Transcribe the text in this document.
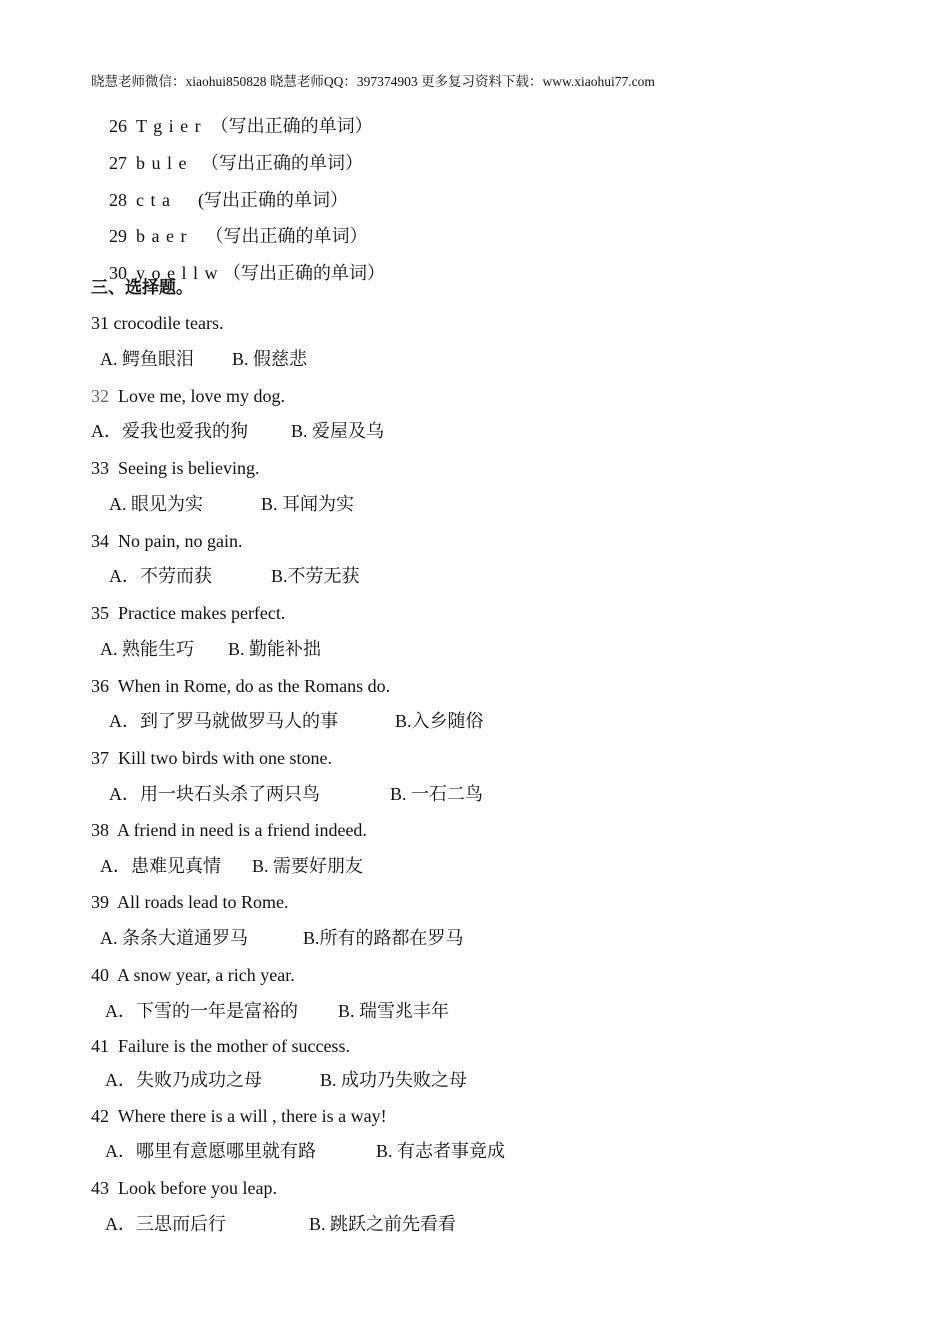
晓慧老师微信：xiaohui850828 晓慧老师QQ：397374903 更多复习资料下载：www.xiaohui77.com

26 T g i e r （写出正确的单词）

27 b u l e （写出正确的单词）

28 c t a (写出正确的单词）

29 b a e r （写出正确的单词）

30 y o e l l w （写出正确的单词）

三、选择题。
31 crocodile tears.
A. 鳄鱼眼泪 B. 假慈悲
32 Love me, love my dog.
A．爱我也爱我的狗 B. 爱屋及乌
33 Seeing is believing.
A. 眼见为实	B. 耳闻为实
34 No pain, no gain.
A．不劳而获	B.不劳无获
35 Practice makes perfect.
A. 熟能生巧 B. 勤能补拙
36 When in Rome, do as the Romans do.
A．到了罗马就做罗马人的事	B.入乡随俗
37 Kill two birds with one stone.
A．用一块石头杀了两只鸟	B. 一石二鸟
38 A friend in need is a friend indeed.
A．患难见真情 B. 需要好朋友
39 All roads lead to Rome.
A. 条条大道通罗马	B.所有的路都在罗马
40 A snow year, a rich year.
A．下雪的一年是富裕的 B. 瑞雪兆丰年
41 Failure is the mother of success.
A．失败乃成功之母	B. 成功乃失败之母
42 Where there is a will , there is a way!
A．哪里有意愿哪里就有路	B. 有志者事竟成
43 Look before you leap.
A．三思而后行	B. 跳跃之前先看看
